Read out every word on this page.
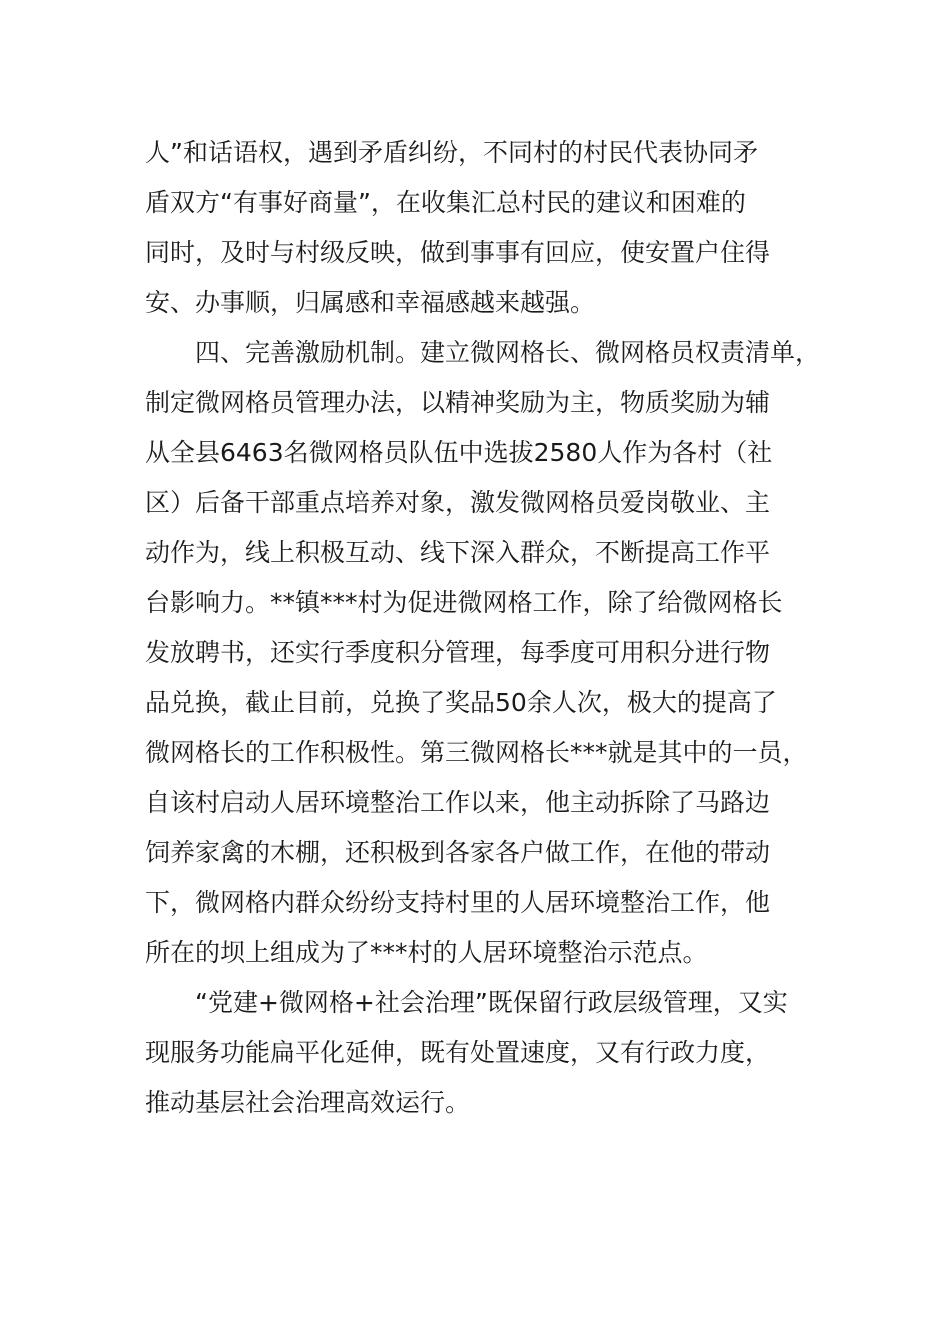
人”和话语权，遇到矛盾纠纷，不同村的村民代表协同矛
盾双方“有事好商量”，在收集汇总村民的建议和困难的
同时，及时与村级反映，做到事事有回应，使安置户住得
安、办事顺，归属感和幸福感越来越强。
　　四、完善激励机制。建立微网格长、微网格员权责清单，
制定微网格员管理办法，以精神奖励为主，物质奖励为辅
从全县6463名微网格员队伍中选拔2580人作为各村（社
区）后备干部重点培养对象，激发微网格员爱岗敬业、主
动作为，线上积极互动、线下深入群众，不断提高工作平
台影响力。**镇***村为促进微网格工作，除了给微网格长
发放聘书，还实行季度积分管理，每季度可用积分进行物
品兑换，截止目前，兑换了奖品50余人次，极大的提高了
微网格长的工作积极性。第三微网格长***就是其中的一员，
自该村启动人居环境整治工作以来，他主动拆除了马路边
饲养家禽的木棚，还积极到各家各户做工作，在他的带动
下，微网格内群众纷纷支持村里的人居环境整治工作，他
所在的坝上组成为了***村的人居环境整治示范点。
　　“党建+微网格+社会治理”既保留行政层级管理，又实
现服务功能扁平化延伸，既有处置速度，又有行政力度，
推动基层社会治理高效运行。
